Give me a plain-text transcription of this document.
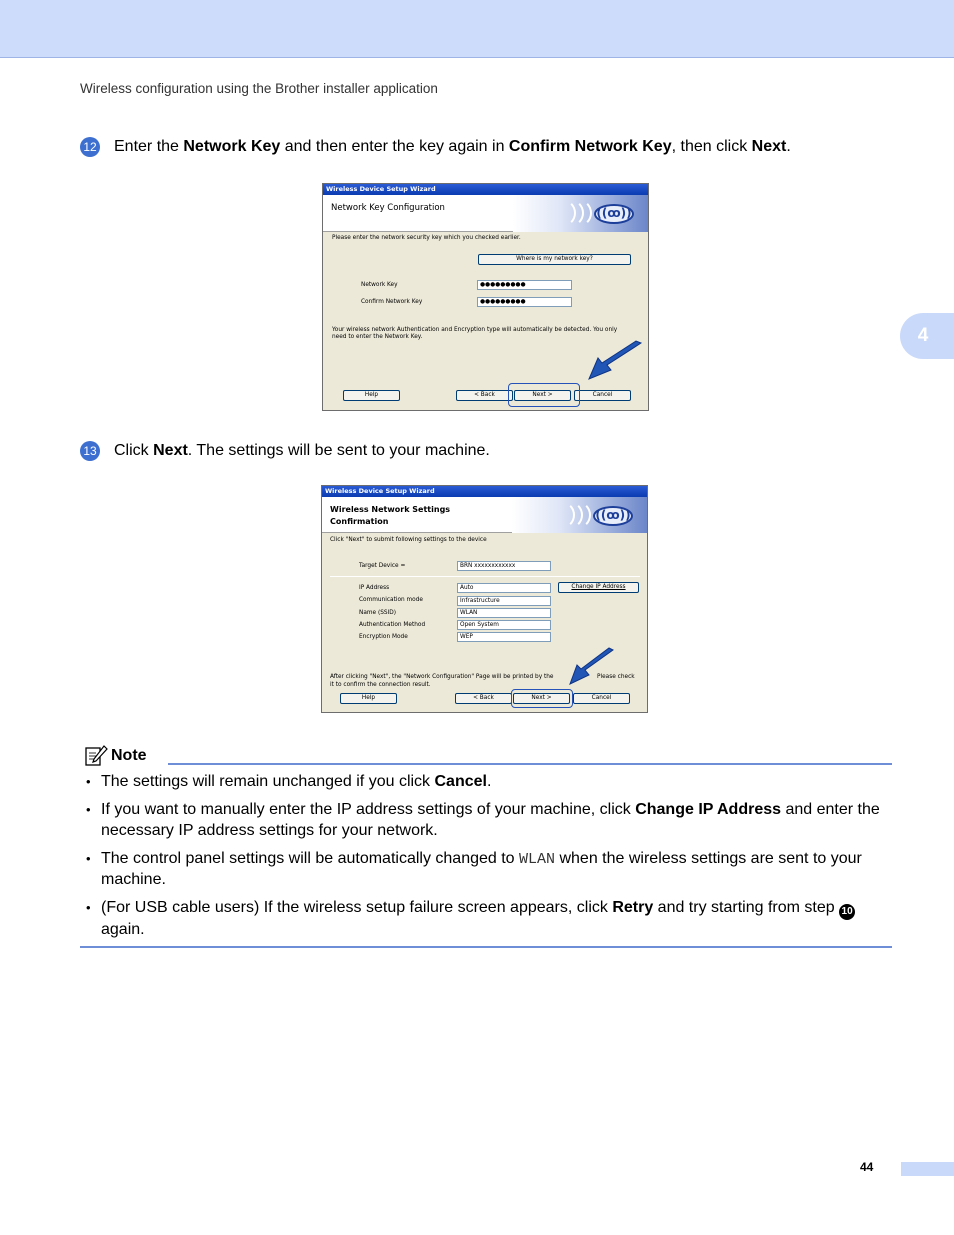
Wireless configuration using the Brother installer application
4
12 Enter the Network Key and then enter the key again in Confirm Network Key, then click Next.
Wireless Device Setup Wizard
Network Key Configuration	((ꝏ))
Please enter the network security key which you checked earlier.
Where is my network key?
Network Key	●●●●●●●●●
Confirm Network Key	●●●●●●●●●
Your wireless network Authentication and Encryption type will automatically be detected. You only
need to enter the Network Key.
Help	< Back	Next >	Cancel
13 Click Next. The settings will be sent to your machine.
Wireless Device Setup Wizard
Wireless Network Settings
Confirmation	((ꝏ))
Click "Next" to submit following settings to the device
Target Device =	BRN xxxxxxxxxxxx
IP Address	Auto
Communication mode	Infrastructure
Name (SSID)	WLAN
Authentication Method	Open System
Encryption Mode	WEP
Change IP Address
After clicking "Next", the "Network Configuration" Page will be printed by the	Please check
it to confirm the connection result.
Help	< Back	Next >	Cancel
Note
• The settings will remain unchanged if you click Cancel.
• If you want to manually enter the IP address settings of your machine, click Change IP Address and enter the necessary IP address settings for your network.
• The control panel settings will be automatically changed to WLAN when the wireless settings are sent to your machine.
• (For USB cable users) If the wireless setup failure screen appears, click Retry and try starting from step 10 again.
44
